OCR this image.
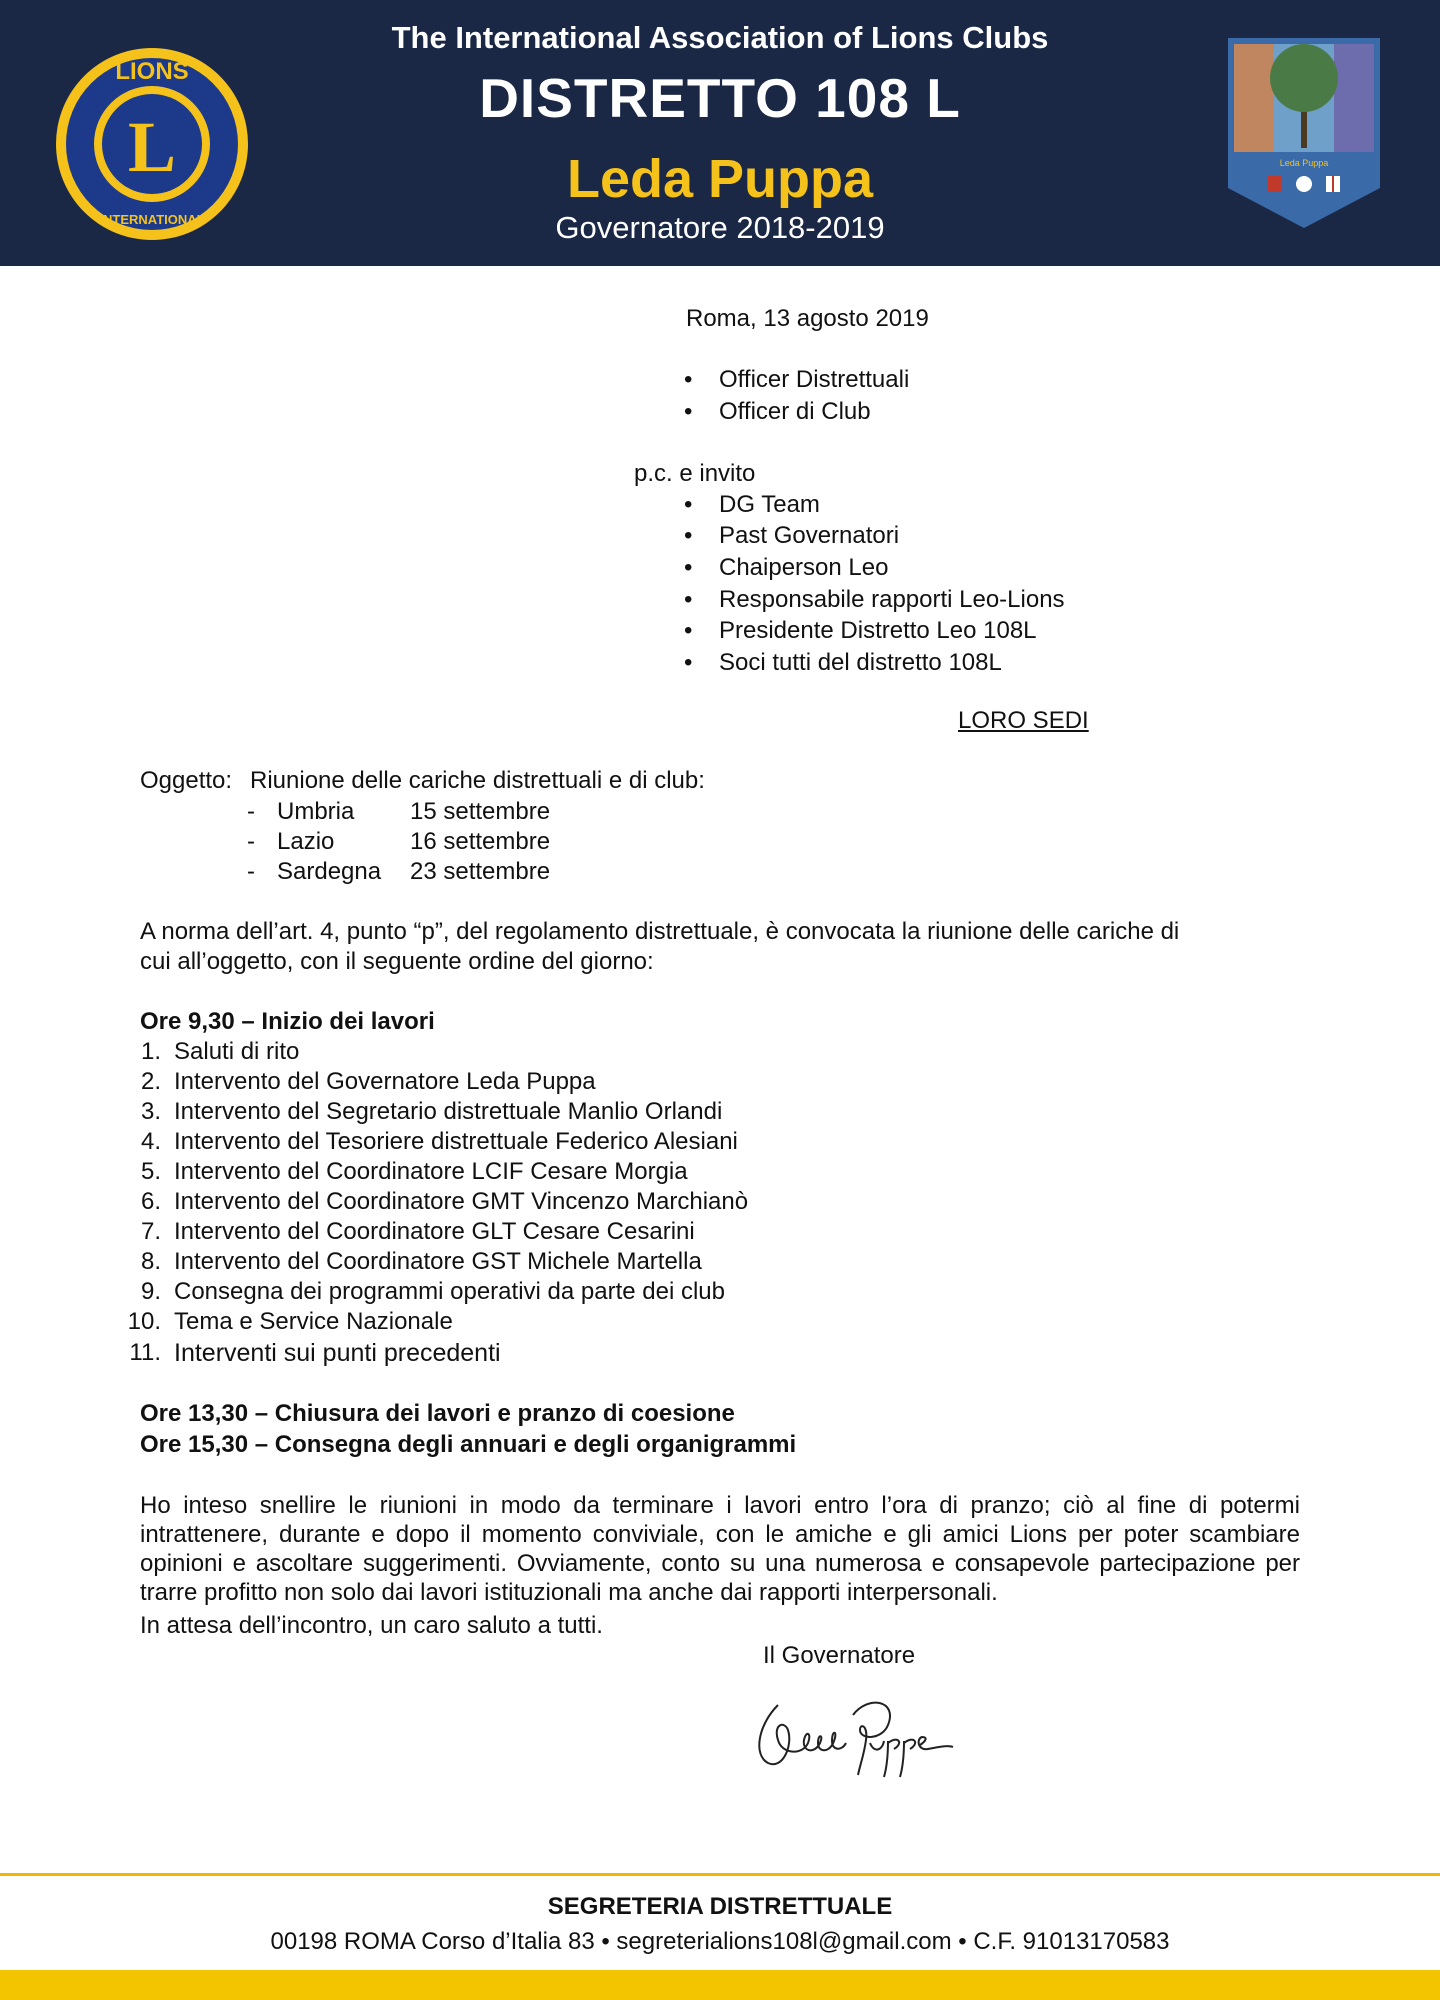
L
LIONS
INTERNATIONAL
The International Association of Lions Clubs
DISTRETTO 108 L
Leda Puppa
Governatore 2018-2019
Leda Puppa
Roma, 13 agosto 2019
• Officer Distrettuali
• Officer di Club
p.c. e invito
• DG Team
• Past Governatori
• Chaiperson Leo
• Responsabile rapporti Leo-Lions
• Presidente Distretto Leo 108L
• Soci tutti del distretto 108L
LORO SEDI
Oggetto: Riunione delle cariche distrettuali e di club:
- Umbria 15 settembre
- Lazio	16 settembre
- Sardegna 23 settembre
A norma dell’art. 4, punto “p”, del regolamento distrettuale, è convocata la riunione delle cariche di
cui all’oggetto, con il seguente ordine del giorno:
Ore 9,30 – Inizio dei lavori
1. Saluti di rito
2. Intervento del Governatore Leda Puppa
3. Intervento del Segretario distrettuale Manlio Orlandi
4. Intervento del Tesoriere distrettuale Federico Alesiani
5. Intervento del Coordinatore LCIF Cesare Morgia
6. Intervento del Coordinatore GMT Vincenzo Marchianò
7. Intervento del Coordinatore GLT Cesare Cesarini
8. Intervento del Coordinatore GST Michele Martella
9. Consegna dei programmi operativi da parte dei club
10. Tema e Service Nazionale
11. Interventi sui punti precedenti
Ore 13,30 – Chiusura dei lavori e pranzo di coesione
Ore 15,30 – Consegna degli annuari e degli organigrammi
Ho inteso snellire le riunioni in modo da terminare i lavori entro l’ora di pranzo; ciò al fine di potermi intrattenere, durante e dopo il momento conviviale, con le amiche e gli amici Lions per poter scambiare opinioni e ascoltare suggerimenti. Ovviamente, conto su una numerosa e consapevole partecipazione per trarre profitto non solo dai lavori istituzionali ma anche dai rapporti interpersonali.
In attesa dell’incontro, un caro saluto a tutti.
Il Governatore
SEGRETERIA DISTRETTUALE
00198 ROMA Corso d’Italia 83 • segreterialions108l@gmail.com • C.F. 91013170583
